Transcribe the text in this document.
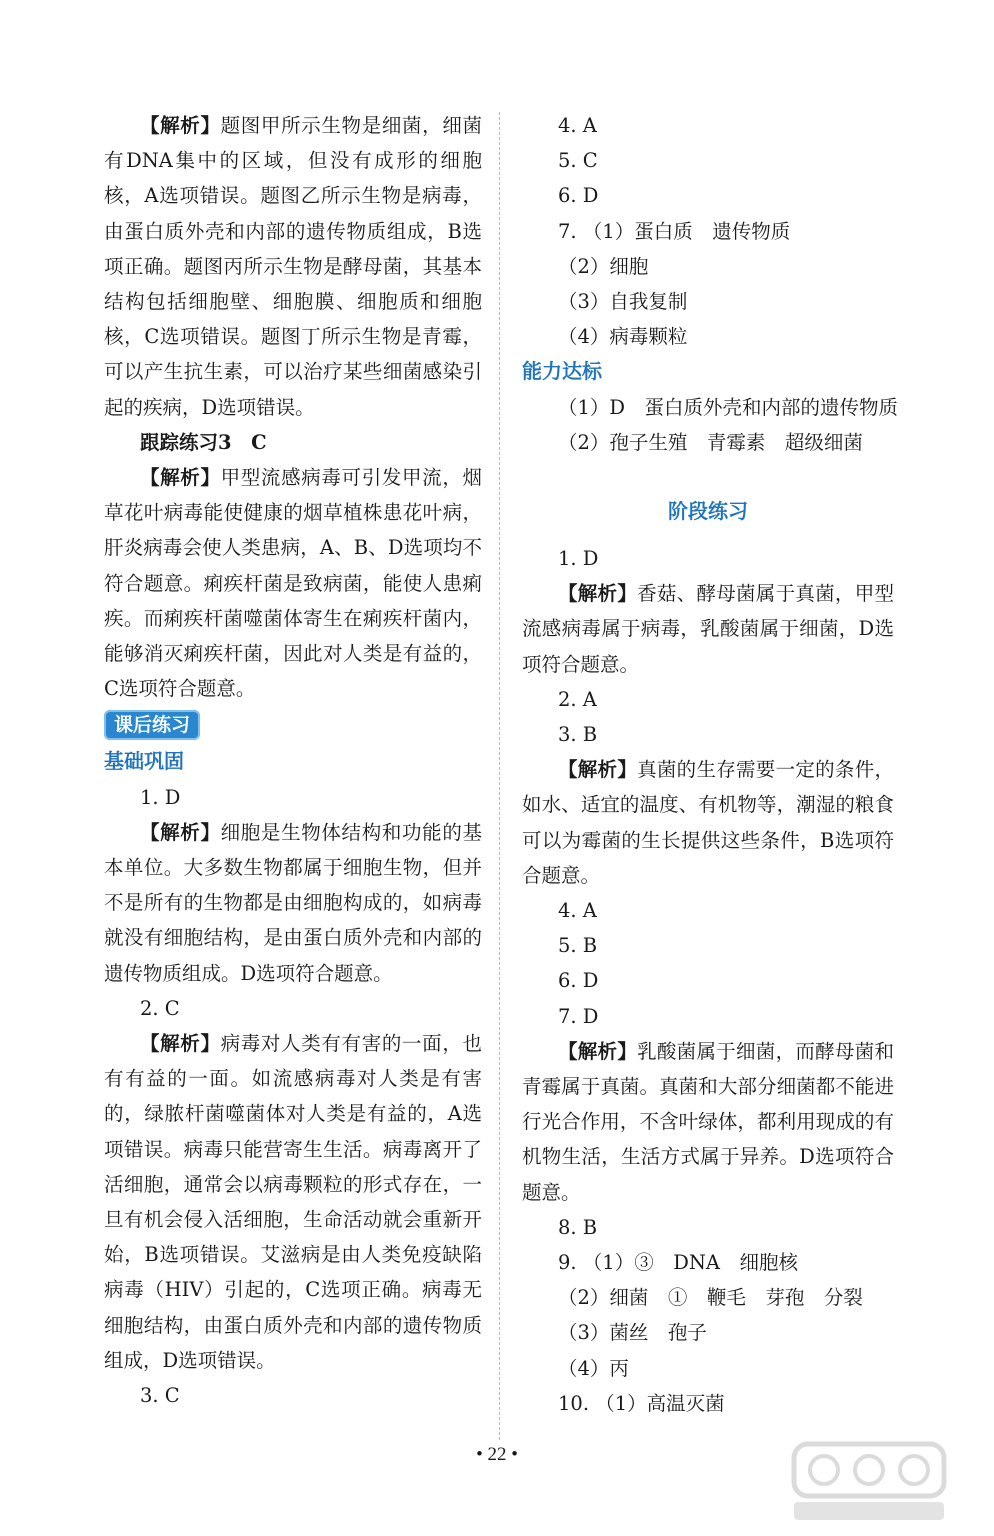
【解析】题图甲所示生物是细菌，细菌有DNA集中的区域，但没有成形的细胞核，A选项错误。题图乙所示生物是病毒，由蛋白质外壳和内部的遗传物质组成，B选项正确。题图丙所示生物是酵母菌，其基本结构包括细胞壁、细胞膜、细胞质和细胞核，C选项错误。题图丁所示生物是青霉，可以产生抗生素，可以治疗某些细菌感染引起的疾病，D选项错误。
跟踪练习3　C
【解析】甲型流感病毒可引发甲流，烟草花叶病毒能使健康的烟草植株患花叶病，肝炎病毒会使人类患病，A、B、D选项均不符合题意。痢疾杆菌是致病菌，能使人患痢疾。而痢疾杆菌噬菌体寄生在痢疾杆菌内，能够消灭痢疾杆菌，因此对人类是有益的，C选项符合题意。
课后练习
基础巩固
1. D
【解析】细胞是生物体结构和功能的基本单位。大多数生物都属于细胞生物，但并不是所有的生物都是由细胞构成的，如病毒就没有细胞结构，是由蛋白质外壳和内部的遗传物质组成。D选项符合题意。
2. C
【解析】病毒对人类有有害的一面，也有有益的一面。如流感病毒对人类是有害的，绿脓杆菌噬菌体对人类是有益的，A选项错误。病毒只能营寄生生活。病毒离开了活细胞，通常会以病毒颗粒的形式存在，一旦有机会侵入活细胞，生命活动就会重新开始，B选项错误。艾滋病是由人类免疫缺陷病毒（HIV）引起的，C选项正确。病毒无细胞结构，由蛋白质外壳和内部的遗传物质组成，D选项错误。
3. C
4. A
5. C
6. D
7. （1）蛋白质　遗传物质
（2）细胞
（3）自我复制
（4）病毒颗粒
能力达标
（1）D　蛋白质外壳和内部的遗传物质
（2）孢子生殖　青霉素　超级细菌
阶段练习
1. D
【解析】香菇、酵母菌属于真菌，甲型流感病毒属于病毒，乳酸菌属于细菌，D选项符合题意。
2. A
3. B
【解析】真菌的生存需要一定的条件，如水、适宜的温度、有机物等，潮湿的粮食可以为霉菌的生长提供这些条件，B选项符合题意。
4. A
5. B
6. D
7. D
【解析】乳酸菌属于细菌，而酵母菌和青霉属于真菌。真菌和大部分细菌都不能进行光合作用，不含叶绿体，都利用现成的有机物生活，生活方式属于异养。D选项符合题意。
8. B
9. （1）③　DNA　细胞核
（2）细菌　①　鞭毛　芽孢　分裂
（3）菌丝　孢子
（4）丙
10. （1）高温灭菌
• 22 •
